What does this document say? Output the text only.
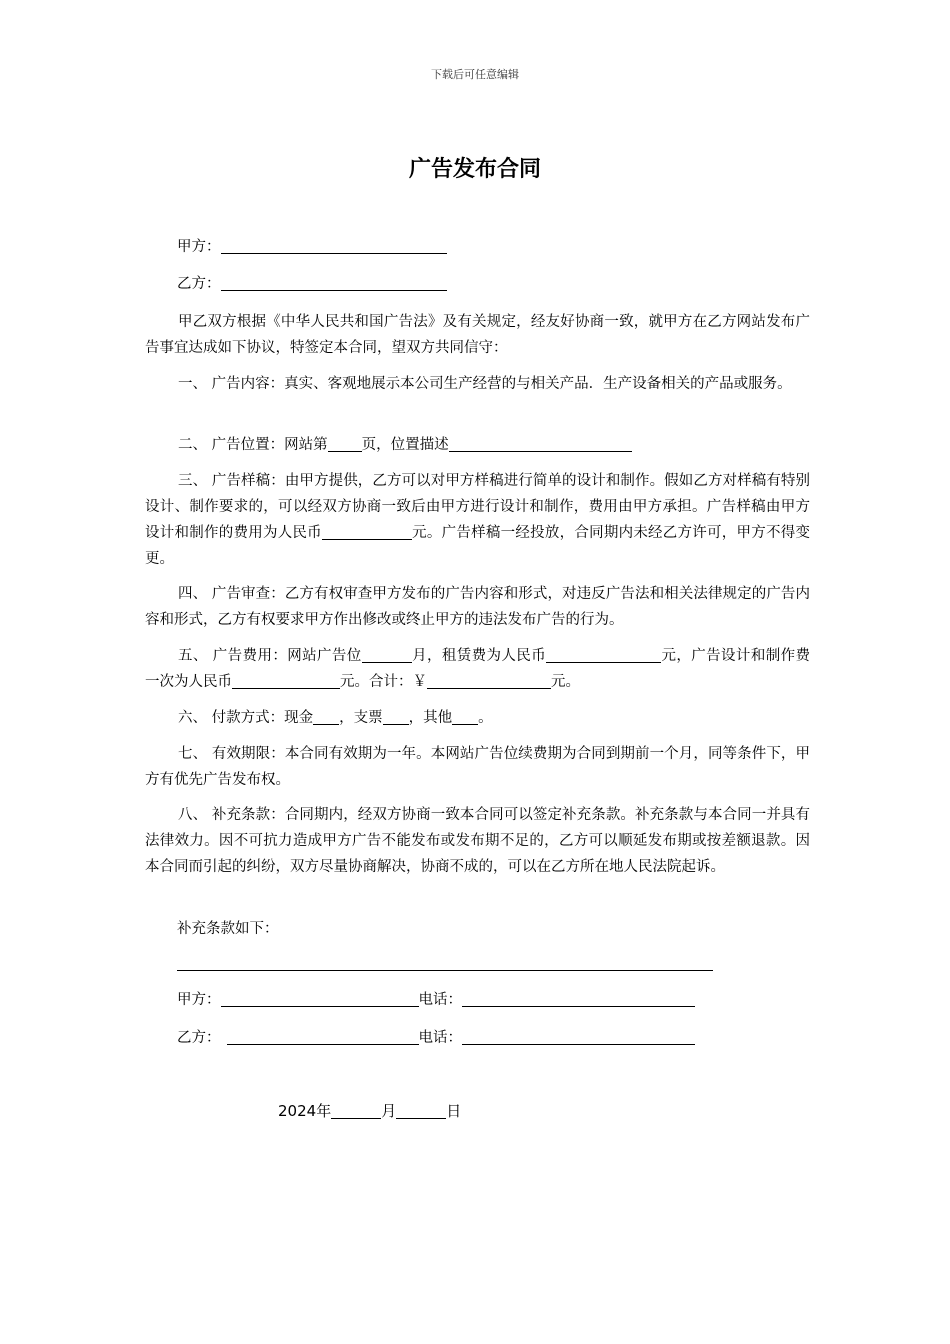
下载后可任意编辑
广告发布合同
甲方：
乙方：
甲乙双方根据《中华人民共和国广告法》及有关规定，经友好协商一致，就甲方在乙方网站发布广告事宜达成如下协议，特签定本合同，望双方共同信守：
一、 广告内容：真实、客观地展示本公司生产经营的与相关产品．生产设备相关的产品或服务。
二、 广告位置：网站第 页，位置描述
三、 广告样稿：由甲方提供，乙方可以对甲方样稿进行简单的设计和制作。假如乙方对样稿有特别设计、制作要求的，可以经双方协商一致后由甲方进行设计和制作，费用由甲方承担。广告样稿由甲方设计和制作的费用为人民币	元。广告样稿一经投放，合同期内未经乙方许可，甲方不得变更。
四、 广告审查：乙方有权审查甲方发布的广告内容和形式，对违反广告法和相关法律规定的广告内容和形式，乙方有权要求甲方作出修改或终止甲方的违法发布广告的行为。
五、 广告费用：网站广告位	月，租赁费为人民币	元，广告设计和制作费一次为人民币	元。合计：￥	元。
六、 付款方式：现金 ，支票 ，其他 。
七、 有效期限：本合同有效期为一年。本网站广告位续费期为合同到期前一个月，同等条件下，甲方有优先广告发布权。
八、 补充条款：合同期内，经双方协商一致本合同可以签定补充条款。补充条款与本合同一并具有法律效力。因不可抗力造成甲方广告不能发布或发布期不足的，乙方可以顺延发布期或按差额退款。因本合同而引起的纠纷，双方尽量协商解决，协商不成的，可以在乙方所在地人民法院起诉。
补充条款如下：
甲方：	电话：
乙方：	电话：
2024年	月	日
